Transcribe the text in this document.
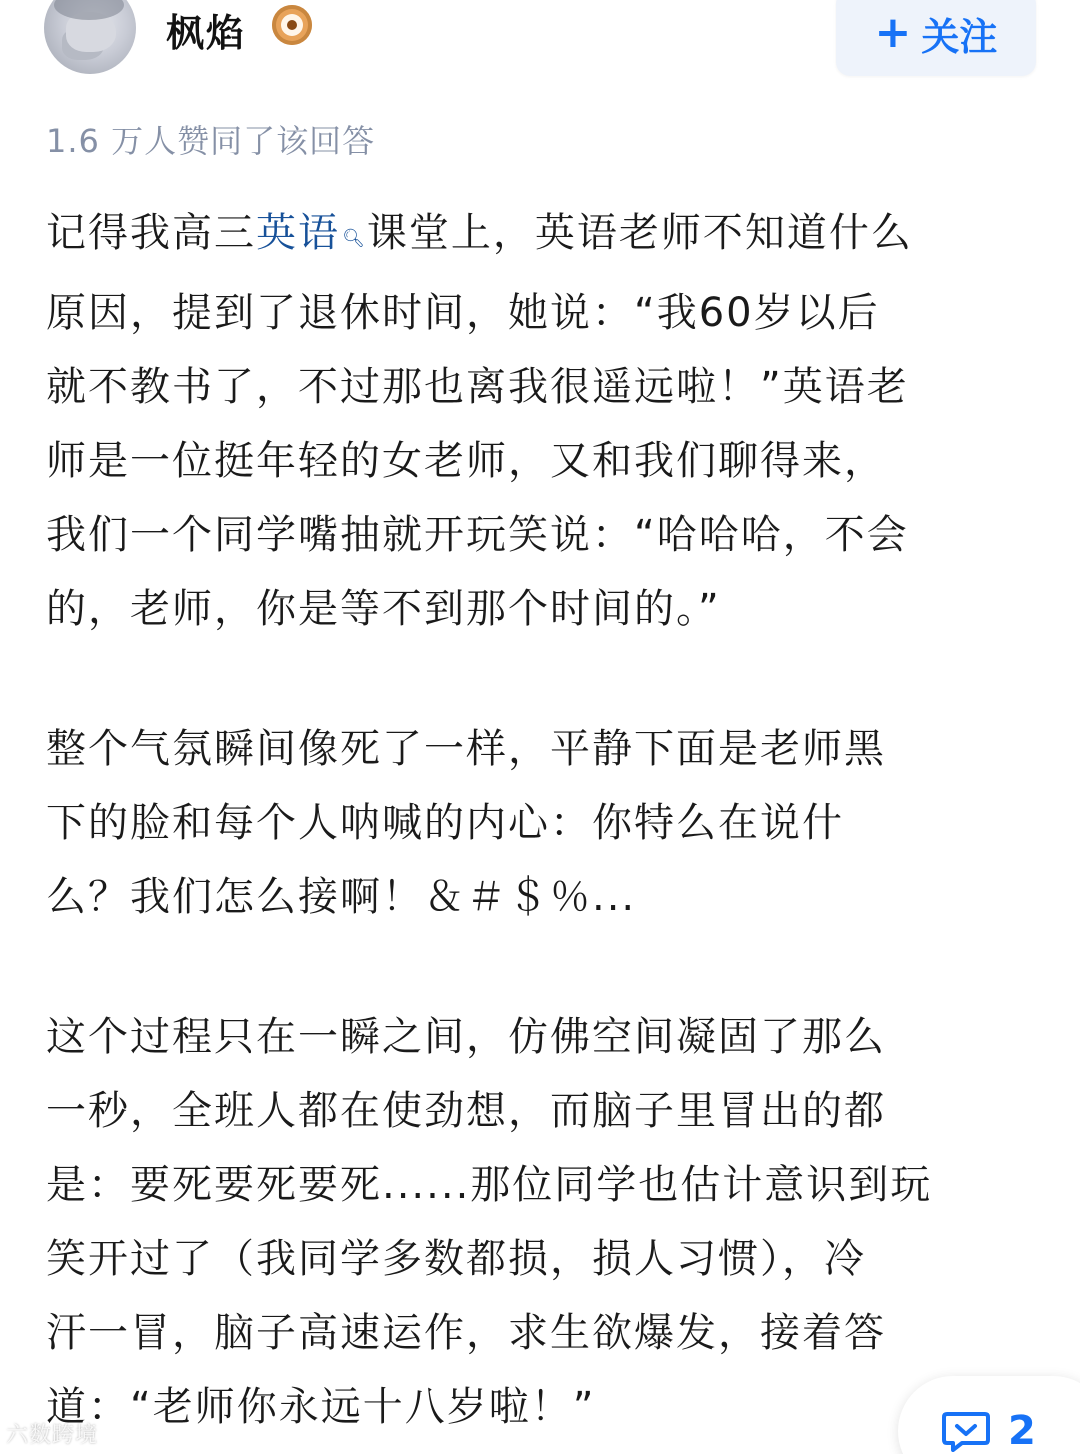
枫焰	+ 关注
1.6 万人赞同了该回答

记得我高三英语 🔍︎课堂上，英语老师不知道什么
原因，提到了退休时间，她说：“我60岁以后
就不教书了，不过那也离我很遥远啦！”英语老
师是一位挺年轻的女老师，又和我们聊得来，
我们一个同学嘴抽就开玩笑说：“哈哈哈，不会
的，老师，你是等不到那个时间的。”

整个气氛瞬间像死了一样，平静下面是老师黑
下的脸和每个人呐喊的内心：你特么在说什
么？我们怎么接啊！＆＃＄％...

这个过程只在一瞬之间，仿佛空间凝固了那么
一秒，全班人都在使劲想，而脑子里冒出的都
是：要死要死要死......那位同学也估计意识到玩
笑开过了（我同学多数都损，损人习惯），冷
汗一冒，脑子高速运作，求生欲爆发，接着答
道：“老师你永远十八岁啦！”

六数跨境	2
